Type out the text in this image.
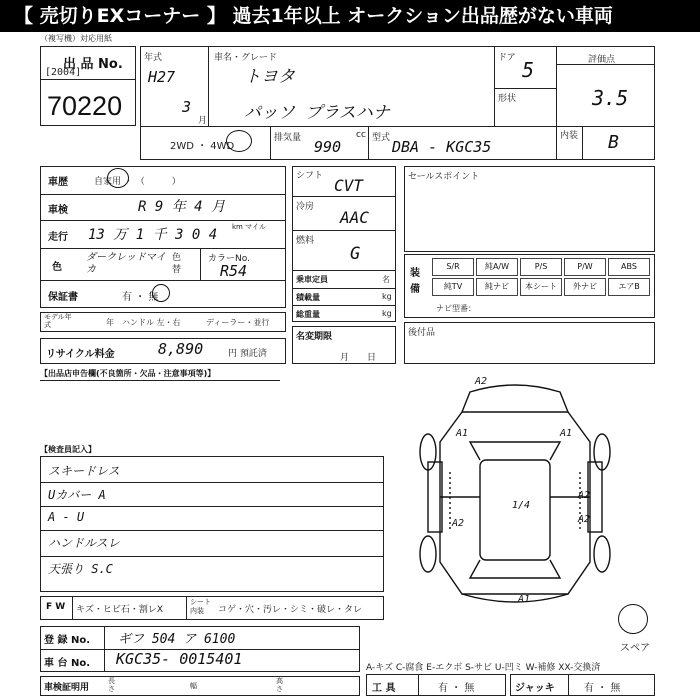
【 売切りEXコーナー 】 過去1年以上 オークション出品歴がない車両
（複写機）対応用紙
出 品 No.
[2004]
70220
年式
H27
3
月
車名・グレード
トヨタ
パッソ プラスハナ
ドア 5
形状
評価点
3.5
内装 B
2WD ・ 4WD
排気量 990
cc 型式 DBA - KGC35
車歴	自家用 ・ （　　　）
車検	R 9 年 4 月
走行 13 万 1 千 3 0 4 km マイル
色
ダークレッドマイカ
色替
カラーNo.
R54
保証書	有 ・ 無
モデル年式	年 ハンドル 左・右	ディーラー・並行
リサイクル料金	8,890	円 預託済
シフト CVT
冷房
AAC
燃料
G
乗車定員	名
積載量	kg
総重量	kg
名変期限
月　　日
セールスポイント
装備
S/R	純A/W	P/S	P/W	ABS
純TV	純ナビ	本シート	外ナビ	エアB
ナビ型番：
後付品
【出品店申告欄(不良箇所・欠品・注意事項等)】
【検査員記入】
スキードレス
Uカバー A
A - U
ハンドルスレ
天張り S.C
F W キズ・ヒビ石・割レX
シート内装	コゲ・穴・汚レ・シミ・破レ・タレ
登 録 No. ギフ 504 ア 6100
車 台 No. KGC35- 0015401
車検証明用
長さ	幅
高さ
A2
A1	A1
A2
A2
1/4
A2
A1
スペア
A-キズ C-腐食 E-エクボ S-サビ U-凹ミ W-補修 XX-交換済
工 具	有 ・ 無	ジャッキ	有 ・ 無
